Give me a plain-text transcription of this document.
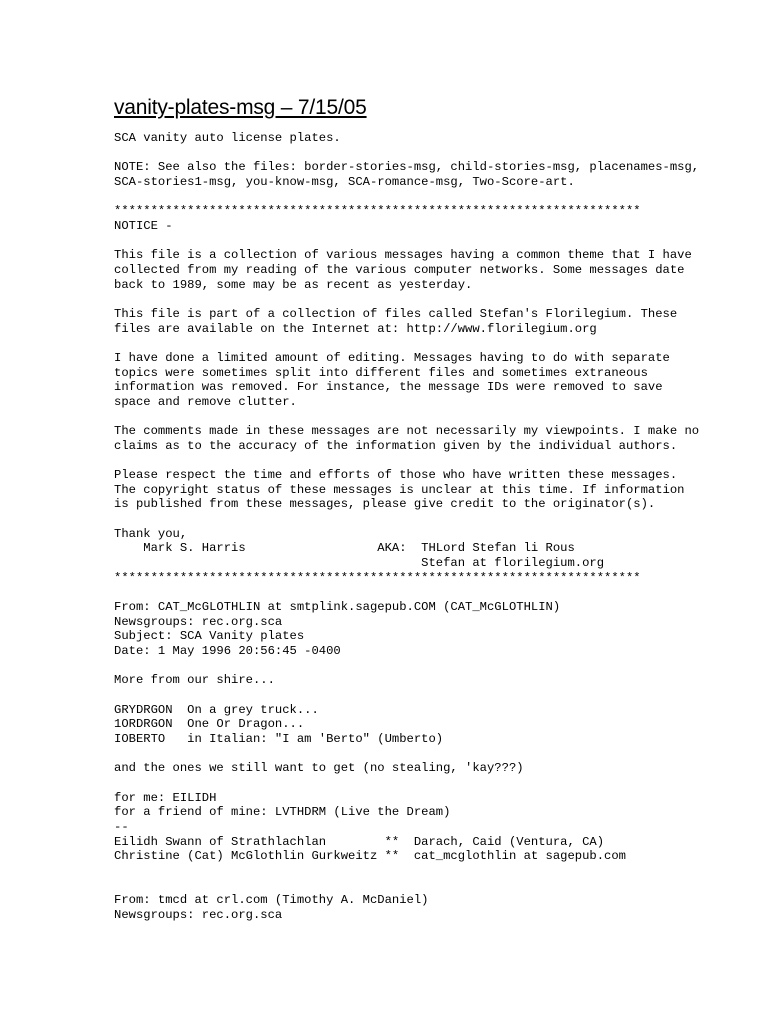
vanity-plates-msg – 7/15/05
SCA vanity auto license plates.

NOTE: See also the files: border-stories-msg, child-stories-msg, placenames-msg,
SCA-stories1-msg, you-know-msg, SCA-romance-msg, Two-Score-art.

************************************************************************
NOTICE -

This file is a collection of various messages having a common theme that I have
collected from my reading of the various computer networks. Some messages date
back to 1989, some may be as recent as yesterday.

This file is part of a collection of files called Stefan's Florilegium. These
files are available on the Internet at: http://www.florilegium.org

I have done a limited amount of editing. Messages having to do with separate
topics were sometimes split into different files and sometimes extraneous
information was removed. For instance, the message IDs were removed to save
space and remove clutter.

The comments made in these messages are not necessarily my viewpoints. I make no
claims as to the accuracy of the information given by the individual authors.

Please respect the time and efforts of those who have written these messages.
The copyright status of these messages is unclear at this time. If information
is published from these messages, please give credit to the originator(s).

Thank you,
Mark S. Harris                  AKA:  THLord Stefan li Rous
Stefan at florilegium.org
************************************************************************

From: CAT_McGLOTHLIN at smtplink.sagepub.COM (CAT_McGLOTHLIN)
Newsgroups: rec.org.sca
Subject: SCA Vanity plates
Date: 1 May 1996 20:56:45 -0400

More from our shire...

GRYDRGON  On a grey truck...
1ORDRGON  One Or Dragon...
IOBERTO   in Italian: "I am 'Berto" (Umberto)

and the ones we still want to get (no stealing, 'kay???)

for me: EILIDH
for a friend of mine: LVTHDRM (Live the Dream)
--
Eilidh Swann of Strathlachlan        **  Darach, Caid (Ventura, CA)
Christine (Cat) McGlothlin Gurkweitz **  cat_mcglothlin at sagepub.com

From: tmcd at crl.com (Timothy A. McDaniel)
Newsgroups: rec.org.sca
